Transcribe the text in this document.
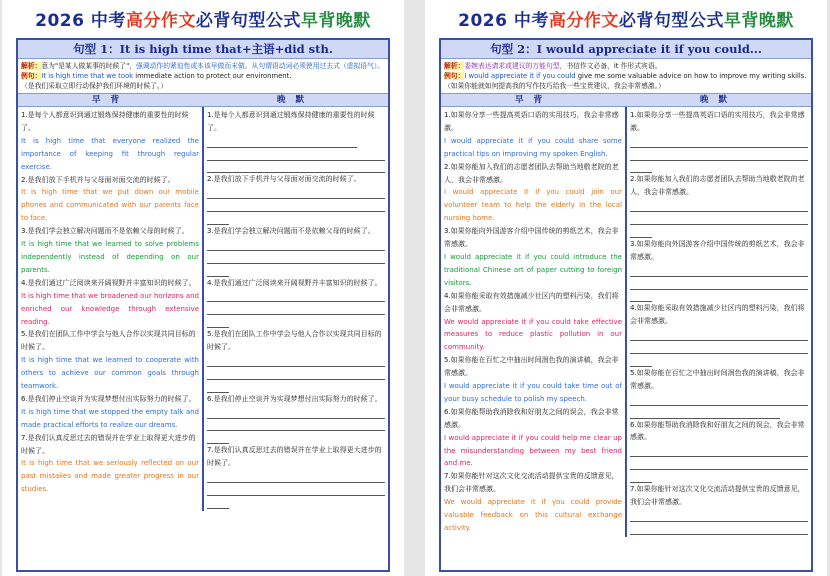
2026 中考高分作文必背句型公式早背晚默
句型 1：It is high time that+主语+did sth.
解析：意为"是某人做某事的时候了"，强调动作的紧迫性或本该早做而未做。从句谓语动词必须使用过去式（虚拟语气）。
例句：It is high time that we took immediate action to protect our environment.
（是我们采取立即行动保护我们环境的时候了。）
早背	晚默
1.是每个人都意识到通过锻炼保持健康的重要性的时候了。
It is high time that everyone realized the importance of keeping fit through regular exercise.
2.是我们放下手机并与父母面对面交流的时候了。
It is high time that we put down our mobile phones and communicated with our parents face to face.
3.是我们学会独立解决问题而不是依赖父母的时候了。
It is high time that we learned to solve problems independently instead of depending on our parents.
4.是我们通过广泛阅读来开阔视野并丰富知识的时候了。
It is high time that we broadened our horizons and enriched our knowledge through extensive reading.
5.是我们在团队工作中学会与他人合作以实现共同目标的时候了。
It is high time that we learned to cooperate with others to achieve our common goals through teamwork.
6.是我们停止空谈并为实现梦想付出实际努力的时候了。
It is high time that we stopped the empty talk and made practical efforts to realize our dreams.
7.是我们认真反思过去的错误并在学业上取得更大进步的时候了。
It is high time that we seriously reflected on our past mistakes and made greater progress in our studies.
1.是每个人都意识到通过锻炼保持健康的重要性的时候了。
2.是我们放下手机并与父母面对面交流的时候了。
3.是我们学会独立解决问题而不是依赖父母的时候了。
4.是我们通过广泛阅读来开阔视野并丰富知识的时候了。
5.是我们在团队工作中学会与他人合作以实现共同目标的时候了。
6.是我们停止空谈并为实现梦想付出实际努力的时候了。
7.是我们认真反思过去的错误并在学业上取得更大进步的时候了。
2026 中考高分作文必背句型公式早背晚默
句型 2：I would appreciate it if you could...
解析：委婉表达请求或建议的万能句型，书信作文必备，it 作形式宾语。
例句：I would appreciate it if you could give me some valuable advice on how to improve my writing skills.（如果你能就如何提高我的写作技巧给我一些宝贵建议，我会非常感激。）
早背	晚默
1.如果你分享一些提高英语口语的实用技巧，我会非常感激。
I would appreciate it if you could share some practical tips on improving my spoken English.
2.如果你能加入我们的志愿者团队去帮助当地敬老院的老人，我会非常感激。
I would appreciate it if you could join our volunteer team to help the elderly in the local nursing home.
3.如果你能向外国游客介绍中国传统的剪纸艺术，我会非常感激。
I would appreciate it if you could introduce the traditional Chinese art of paper cutting to foreign visitors.
4.如果你能采取有效措施减少社区内的塑料污染，我们将会非常感激。
We would appreciate it if you could take effective measures to reduce plastic pollution in our community.
5.如果你能在百忙之中抽出时间润色我的演讲稿，我会非常感激。
I would appreciate it if you could take time out of your busy schedule to polish my speech.
6.如果你能帮助我消除我和好朋友之间的误会，我会非常感激。
I would appreciate it if you could help me clear up the misunderstanding between my best friend and me.
7.如果你能针对这次文化交流活动提供宝贵的反馈意见，我们会非常感激。
We would appreciate it if you could provide valuable feedback on this cultural exchange activity.
1.如果你分享一些提高英语口语的实用技巧，我会非常感激。
2.如果你能加入我们的志愿者团队去帮助当地敬老院的老人，我会非常感激。
3.如果你能向外国游客介绍中国传统的剪纸艺术，我会非常感激。
4.如果你能采取有效措施减少社区内的塑料污染，我们将会非常感激。
5.如果你能在百忙之中抽出时间润色我的演讲稿，我会非常感激。
6.如果你能帮助我消除我和好朋友之间的误会，我会非常感激。
7.如果你能针对这次文化交流活动提供宝贵的反馈意见，我们会非常感激。
